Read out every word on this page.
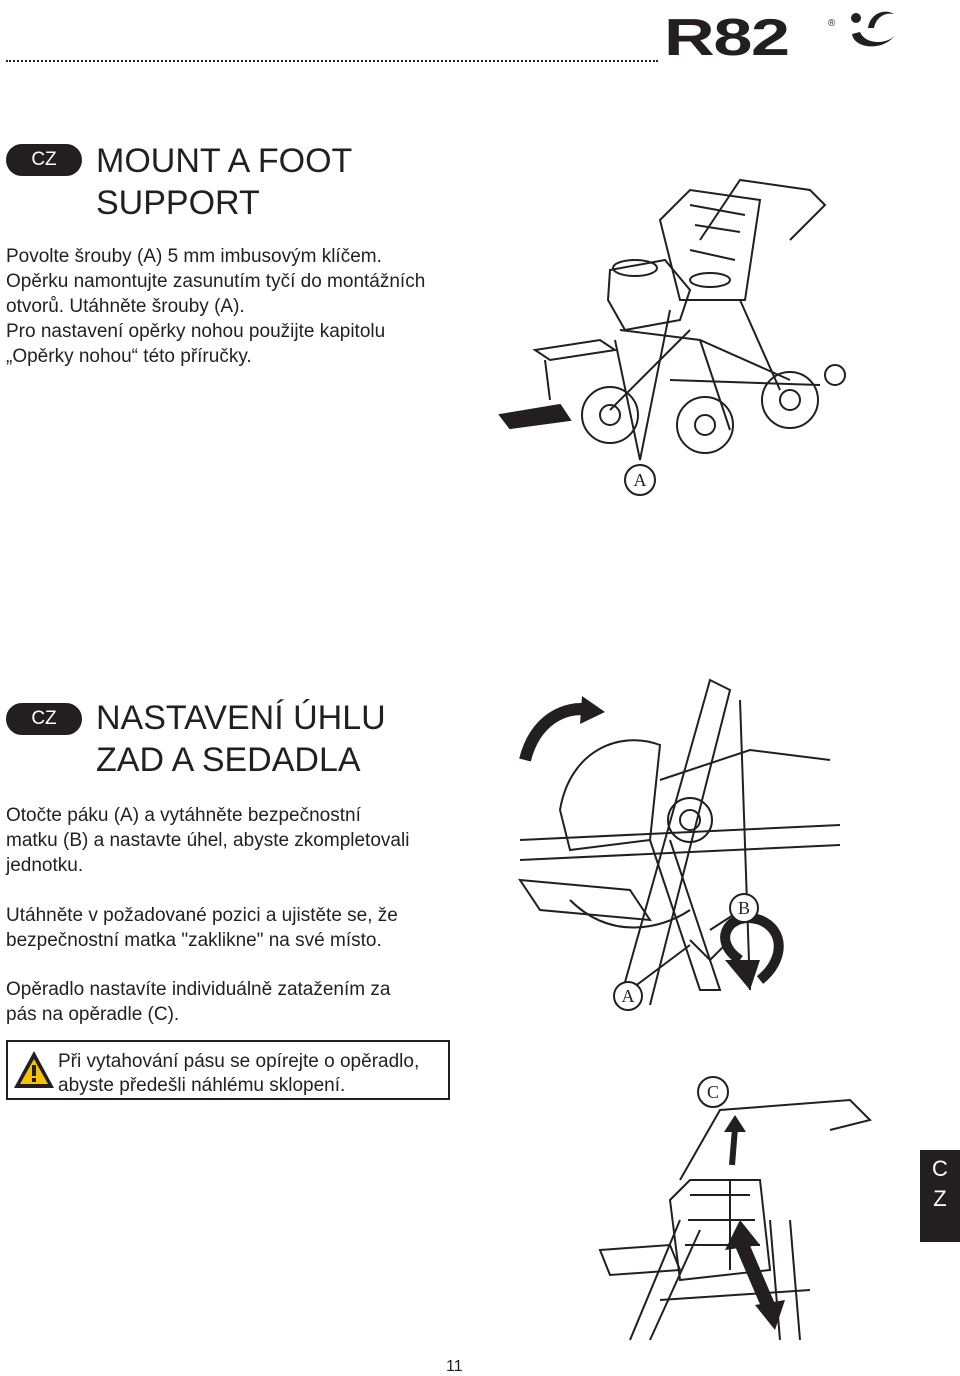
R82	®
CZ	MOUNT A FOOT
SUPPORT
Povolte šrouby (A) 5 mm imbusovým klíčem.
Opěrku namontujte zasunutím tyčí do montážních
otvorů. Utáhněte šrouby (A).
Pro nastavení opěrky nohou použijte kapitolu
„Opěrky nohou“ této příručky.
A
CZ	NASTAVENÍ ÚHLU
ZAD A SEDADLA
Otočte páku (A) a vytáhněte bezpečnostní
matku (B) a nastavte úhel, abyste zkompletovali
jednotku.
Utáhněte v požadované pozici a ujistěte se, že
bezpečnostní matka "zaklikne" na své místo.
Opěradlo nastavíte individuálně zatažením za
pás na opěradle (C).
Při vytahování pásu se opírejte o opěradlo,
abyste předešli náhlému sklopení.
B
A
C
C
Z
11
